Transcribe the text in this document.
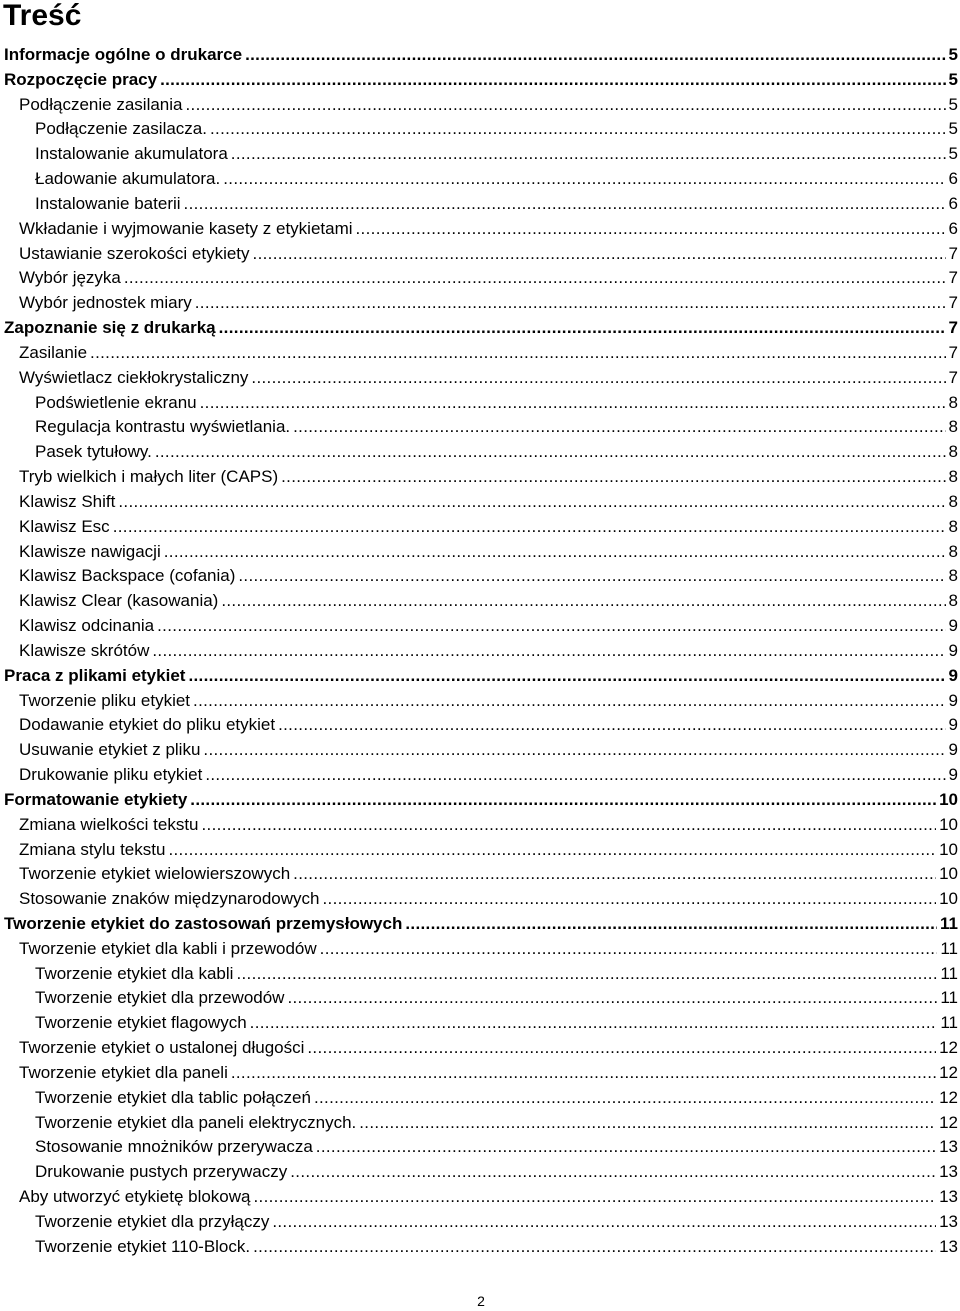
Treść
Informacje ogólne o drukarce . . .	5
Rozpoczęcie pracy . . .	5
Podłączenie zasilania . . .	5
Podłączenie zasilacza. . . .	5
Instalowanie akumulatora . . .	5
Ładowanie akumulatora. . . .	6
Instalowanie baterii . . .	6
Wkładanie i wyjmowanie kasety z etykietami . . .	6
Ustawianie szerokości etykiety . . .	7
Wybór języka . . .	7
Wybór jednostek miary . . .	7
Zapoznanie się z drukarką . . .	7
Zasilanie . . .	7
Wyświetlacz ciekłokrystaliczny . . .	7
Podświetlenie ekranu . . .	8
Regulacja kontrastu wyświetlania. . . .	8
Pasek tytułowy. . . .	8
Tryb wielkich i małych liter (CAPS) . . .	8
Klawisz Shift . . .	8
Klawisz Esc . . .	8
Klawisze nawigacji . . .	8
Klawisz Backspace (cofania) . . .	8
Klawisz Clear (kasowania) . . .	8
Klawisz odcinania . . .	9
Klawisze skrótów . . .	9
Praca z plikami etykiet . . .	9
Tworzenie pliku etykiet . . .	9
Dodawanie etykiet do pliku etykiet . . .	9
Usuwanie etykiet z pliku . . .	9
Drukowanie pliku etykiet . . .	9
Formatowanie etykiety . . .	10
Zmiana wielkości tekstu . . .	10
Zmiana stylu tekstu . . .	10
Tworzenie etykiet wielowierszowych . . .	10
Stosowanie znaków międzynarodowych . . .	10
Tworzenie etykiet do zastosowań przemysłowych . . .	11
Tworzenie etykiet dla kabli i przewodów . . .	11
Tworzenie etykiet dla kabli . . .	11
Tworzenie etykiet dla przewodów . . .	11
Tworzenie etykiet flagowych . . .	11
Tworzenie etykiet o ustalonej długości . . .	12
Tworzenie etykiet dla paneli . . .	12
Tworzenie etykiet dla tablic połączeń . . .	12
Tworzenie etykiet dla paneli elektrycznych. . . .	12
Stosowanie mnożników przerywacza . . .	13
Drukowanie pustych przerywaczy . . .	13
Aby utworzyć etykietę blokową . . .	13
Tworzenie etykiet dla przyłączy . . .	13
Tworzenie etykiet 110-Block. . . .	13
2
